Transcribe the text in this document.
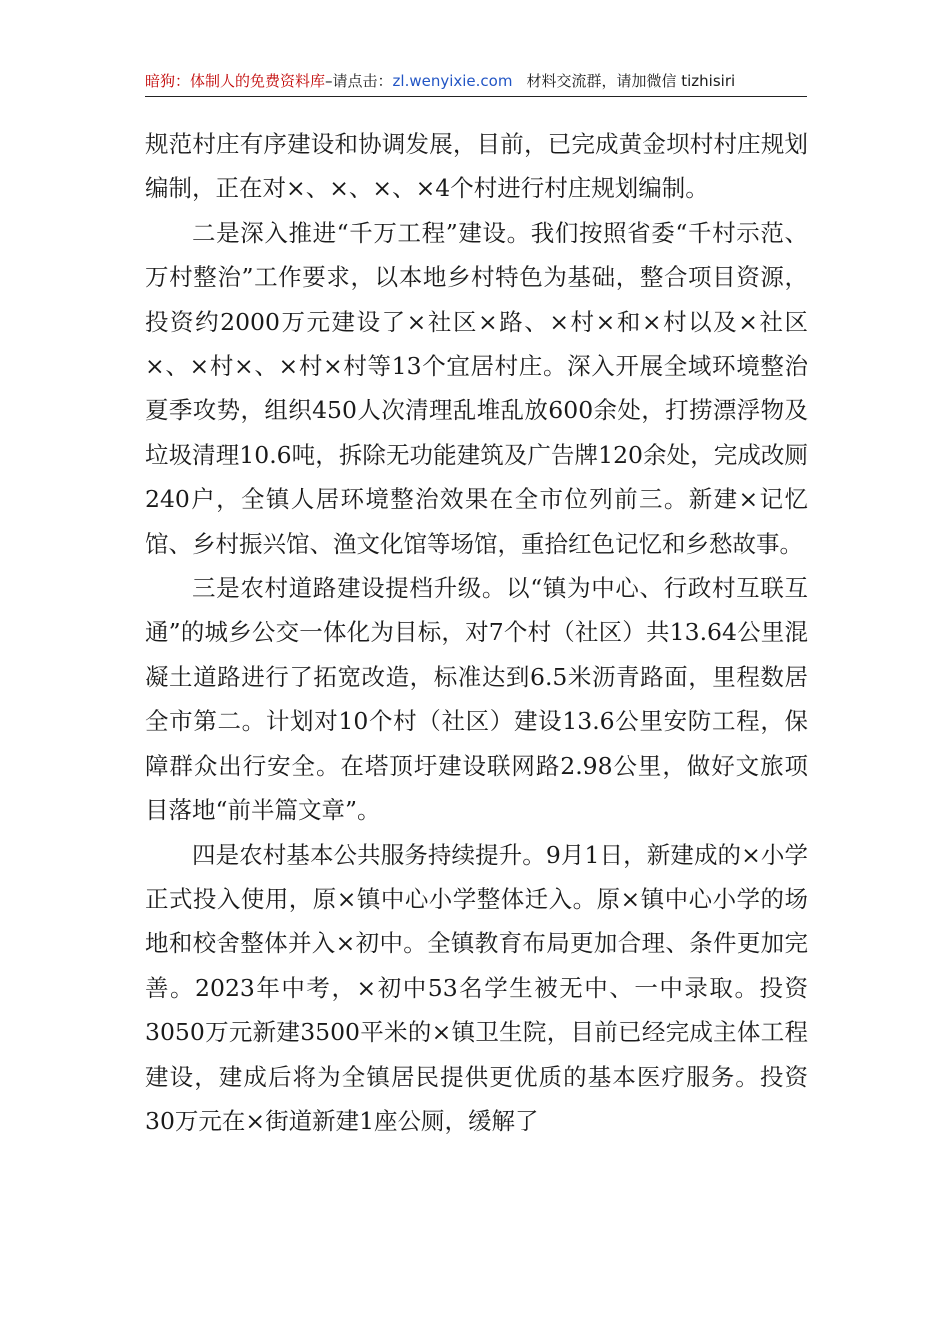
暗狗：体制人的免费资料库–请点击：zl.wenyixie.com 材料交流群，请加微信 tizhisiri

规范村庄有序建设和协调发展，目前，已完成黄金坝村村庄规划编制，正在对×、×、×、×4个村进行村庄规划编制。

二是深入推进“千万工程”建设。我们按照省委“千村示范、万村整治”工作要求，以本地乡村特色为基础，整合项目资源，投资约2000万元建设了×社区×路、×村×和×村以及×社区×、×村×、×村×村等13个宜居村庄。深入开展全域环境整治夏季攻势，组织450人次清理乱堆乱放600余处，打捞漂浮物及垃圾清理10.6吨，拆除无功能建筑及广告牌120余处，完成改厕240户，全镇人居环境整治效果在全市位列前三。新建×记忆馆、乡村振兴馆、渔文化馆等场馆，重拾红色记忆和乡愁故事。

三是农村道路建设提档升级。以“镇为中心、行政村互联互通”的城乡公交一体化为目标，对7个村（社区）共13.64公里混凝土道路进行了拓宽改造，标准达到6.5米沥青路面，里程数居全市第二。计划对10个村（社区）建设13.6公里安防工程，保障群众出行安全。在塔顶圩建设联网路2.98公里，做好文旅项目落地“前半篇文章”。

四是农村基本公共服务持续提升。9月1日，新建成的×小学正式投入使用，原×镇中心小学整体迁入。原×镇中心小学的场地和校舍整体并入×初中。全镇教育布局更加合理、条件更加完善。2023年中考，×初中53名学生被无中、一中录取。投资3050万元新建3500平米的×镇卫生院，目前已经完成主体工程建设，建成后将为全镇居民提供更优质的基本医疗服务。投资30万元在×街道新建1座公厕，缓解了
